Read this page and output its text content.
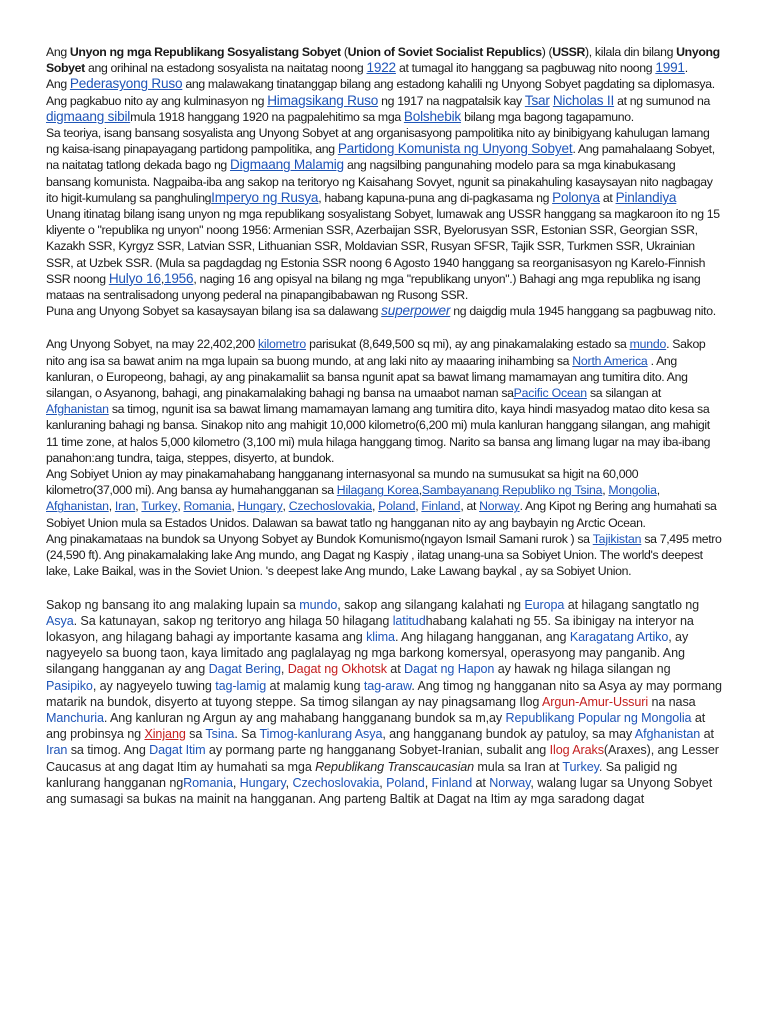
Ang Unyon ng mga Republikang Sosyalistang Sobyet (Union of Soviet Socialist Republics) (USSR), kilala din bilang Unyong Sobyet ang orihinal na estadong sosyalista na naitatag noong 1922 at tumagal ito hanggang sa pagbuwag nito noong 1991.

Ang Pederasyong Ruso ang malawakang tinatanggap bilang ang estadong kahalili ng Unyong Sobyet pagdating sa diplomasya. Ang pagkabuo nito ay ang kulminasyon ng Himagsikang Ruso ng 1917 na nagpatalsik kay Tsar Nicholas II at ng sumunod na digmaang sibilmula 1918 hanggang 1920 na pagpalehitimo sa mga Bolshebik bilang mga bagong tagapamuno.

Sa teoriya, isang bansang sosyalista ang Unyong Sobyet at ang organisasyong pampolitika nito ay binibigyang kahulugan lamang ng kaisa-isang pinapayagang partidong pampolitika, ang Partidong Komunista ng Unyong Sobyet. Ang pamahalaang Sobyet, na naitatag tatlong dekada bago ng Digmaang Malamig ang nagsilbing pangunahing modelo para sa mga kinabukasang bansang komunista. Nagpaiba-iba ang sakop na teritoryo ng Kaisahang Sovyet, ngunit sa pinakahuling kasaysayan nito nagbagay ito higit-kumulang sa panghulingImperyo ng Rusya, habang kapuna-puna ang di-pagkasama ng Polonya at Pinlandiya

Unang itinatag bilang isang unyon ng mga republikang sosyalistang Sobyet, lumawak ang USSR hanggang sa magkaroon ito ng 15 kliyente o "republika ng unyon" noong 1956: Armenian SSR, Azerbaijan SSR, Byelorusyan SSR, Estonian SSR, Georgian SSR, Kazakh SSR, Kyrgyz SSR, Latvian SSR, Lithuanian SSR, Moldavian SSR, Rusyan SFSR, Tajik SSR, Turkmen SSR, Ukrainian SSR, at Uzbek SSR. (Mula sa pagdagdag ng Estonia SSR noong 6 Agosto 1940 hanggang sa reorganisasyon ng Karelo-Finnish SSR noong Hulyo 16,1956, naging 16 ang opisyal na bilang ng mga "republikang unyon".) Bahagi ang mga republika ng isang mataas na sentralisadong unyong pederal na pinapangibabawan ng Rusong SSR.

Puna ang Unyong Sobyet sa kasaysayan bilang isa sa dalawang superpower ng daigdig mula 1945 hanggang sa pagbuwag nito.

Ang Unyong Sobyet, na may 22,402,200 kilometro parisukat (8,649,500 sq mi), ay ang pinakamalaking estado sa mundo. Sakop nito ang isa sa bawat anim na mga lupain sa buong mundo, at ang laki nito ay maaaring inihambing sa North America . Ang kanluran, o Europeong, bahagi, ay ang pinakamaliit sa bansa ngunit apat sa bawat limang mamamayan ang tumitira dito. Ang silangan, o Asyanong, bahagi, ang pinakamalaking bahagi ng bansa na umaabot naman saPacific Ocean sa silangan at Afghanistan sa timog, ngunit isa sa bawat limang mamamayan lamang ang tumitira dito, kaya hindi masyadog matao dito kesa sa kanluraning bahagi ng bansa. Sinakop nito ang mahigit 10,000 kilometro(6,200 mi) mula kanluran hanggang silangan, ang mahigit 11 time zone, at halos 5,000 kilometro (3,100 mi) mula hilaga hanggang timog. Narito sa bansa ang limang lugar na may iba-ibang panahon:ang tundra, taiga, steppes, disyerto, at bundok.

Ang Sobiyet Union ay may pinakamahabang hangganang internasyonal sa mundo na sumusukat sa higit na 60,000 kilometro(37,000 mi). Ang bansa ay humahangganan sa Hilagang Korea,Sambayanang Republiko ng Tsina, Mongolia, Afghanistan, Iran, Turkey, Romania, Hungary, Czechoslovakia, Poland, Finland, at Norway. Ang Kipot ng Bering ang humahati sa Sobiyet Union mula sa Estados Unidos. Dalawan sa bawat tatlo ng hangganan nito ay ang baybayin ng Arctic Ocean.

Ang pinakamataas na bundok sa Unyong Sobyet ay Bundok Komunismo(ngayon Ismail Samani rurok ) sa Tajikistan sa 7,495 metro (24,590 ft). Ang pinakamalaking lake Ang mundo, ang Dagat ng Kaspiy , ilatag unang-una sa Sobiyet Union. The world's deepest lake, Lake Baikal, was in the Soviet Union. 's deepest lake Ang mundo, Lake Lawang baykal , ay sa Sobiyet Union.

Sakop ng bansang ito ang malaking lupain sa mundo, sakop ang silangang kalahati ng Europa at hilagang sangtatlo ng Asya. Sa katunayan, sakop ng teritoryo ang hilaga 50 hilagang latitudhabang kalahati ng 55. Sa ibinigay na interyor na lokasyon, ang hilagang bahagi ay importante kasama ang klima. Ang hilagang hangganan, ang Karagatang Artiko, ay nagyeyelo sa buong taon, kaya limitado ang paglalayag ng mga barkong komersyal, operasyong may panganib. Ang silangang hangganan ay ang Dagat Bering, Dagat ng Okhotsk at Dagat ng Hapon ay hawak ng hilaga silangan ng Pasipiko, ay nagyeyelo tuwing tag-lamig at malamig kung tag-araw. Ang timog ng hangganan nito sa Asya ay may pormang matarik na bundok, disyerto at tuyong steppe. Sa timog silangan ay nay pinagsamang Ilog Argun-Amur-Ussuri na nasa Manchuria. Ang kanluran ng Argun ay ang mahabang hangganang bundok sa m,ay Republikang Popular ng Mongolia at ang probinsya ng Xinjang sa Tsina. Sa Timog-kanlurang Asya, ang hangganang bundok ay patuloy, sa may Afghanistan at Iran sa timog. Ang Dagat Itim ay pormang parte ng hangganang Sobyet-Iranian, subalit ang Ilog Araks(Araxes), ang Lesser Caucasus at ang dagat Itim ay humahati sa mga Republikang Transcaucasian mula sa Iran at Turkey. Sa paligid ng kanlurang hangganan ngRomania, Hungary, Czechoslovakia, Poland, Finland at Norway, walang lugar sa Unyong Sobyet ang sumasagi sa bukas na mainit na hangganan. Ang parteng Baltik at Dagat na Itim ay mga saradong dagat
